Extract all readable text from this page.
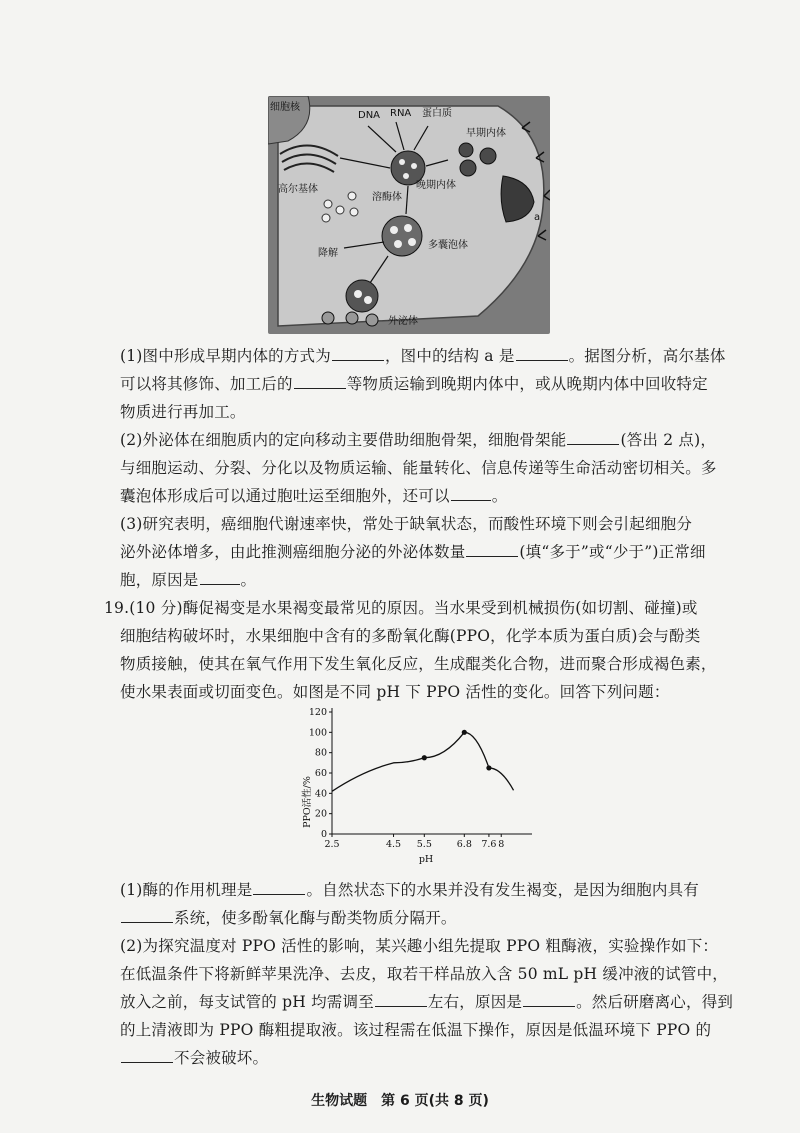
细胞核
高尔基体
DNA RNA 蛋白质
晚期内体
早期内体
a
溶酶体
多囊泡体
降解
外泌体

(1)图中形成早期内体的方式为	，图中的结构 a 是	。据图分析，高尔基体
可以将其修饰、加工后的	等物质运输到晚期内体中，或从晚期内体中回收特定
物质进行再加工。

(2)外泌体在细胞质内的定向移动主要借助细胞骨架，细胞骨架能	(答出 2 点)，
与细胞运动、分裂、分化以及物质运输、能量转化、信息传递等生命活动密切相关。多
囊泡体形成后可以通过胞吐运至细胞外，还可以	。

(3)研究表明，癌细胞代谢速率快，常处于缺氧状态，而酸性环境下则会引起细胞分
泌外泌体增多，由此推测癌细胞分泌的外泌体数量	(填“多于”或“少于”)正常细
胞，原因是	。

19.(10 分)酶促褐变是水果褐变最常见的原因。当水果受到机械损伤(如切割、碰撞)或
细胞结构破坏时，水果细胞中含有的多酚氧化酶(PPO，化学本质为蛋白质)会与酚类
物质接触，使其在氧气作用下发生氧化反应，生成醌类化合物，进而聚合形成褐色素，
使水果表面或切面变色。如图是不同 pH 下 PPO 活性的变化。回答下列问题：

PPO活性/%
pH
0
20
40
60
80
100
120
2.5	4.5 5.5	6.8 7.6 8

(1)酶的作用机理是	。自然状态下的水果并没有发生褐变，是因为细胞内具有
系统，使多酚氧化酶与酚类物质分隔开。

(2)为探究温度对 PPO 活性的影响，某兴趣小组先提取 PPO 粗酶液，实验操作如下：
在低温条件下将新鲜苹果洗净、去皮，取若干样品放入含 50 mL pH 缓冲液的试管中，
放入之前，每支试管的 pH 均需调至	左右，原因是	。然后研磨离心，得到
的上清液即为 PPO 酶粗提取液。该过程需在低温下操作，原因是低温环境下 PPO 的
不会被破坏。

生物试题　第 6 页(共 8 页)
